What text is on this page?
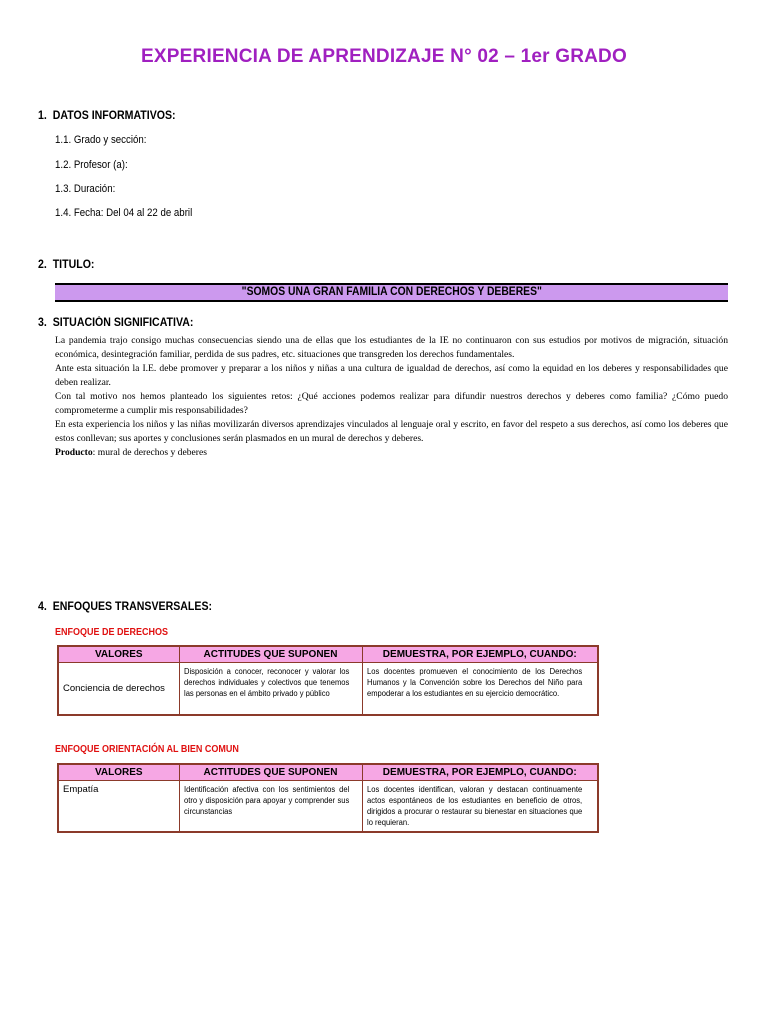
EXPERIENCIA DE APRENDIZAJE N° 02 – 1er GRADO
1. DATOS INFORMATIVOS:
1.1. Grado y sección:
1.2. Profesor (a):
1.3. Duración:
1.4. Fecha: Del 04 al 22 de abril
2. TITULO:
"SOMOS UNA GRAN FAMILIA CON DERECHOS Y DEBERES"
3. SITUACIÓN SIGNIFICATIVA:

La pandemia trajo consigo muchas consecuencias siendo una de ellas que los estudiantes de la IE no continuaron con sus estudios por motivos de migración, situación económica, desintegración familiar, perdida de sus padres, etc. situaciones que transgreden los derechos fundamentales.

Ante esta situación la I.E. debe promover y preparar a los niños y niñas a una cultura de igualdad de derechos, así como la equidad en los deberes y responsabilidades que deben realizar.

Con tal motivo nos hemos planteado los siguientes retos: ¿Qué acciones podemos realizar para difundir nuestros derechos y deberes como familia? ¿Cómo puedo comprometerme a cumplir mis responsabilidades?

En esta experiencia los niños y las niñas movilizarán diversos aprendizajes vinculados al lenguaje oral y escrito, en favor del respeto a sus derechos, así como los deberes que estos conllevan; sus aportes y conclusiones serán plasmados en un mural de derechos y deberes.

Producto: mural de derechos y deberes

4. ENFOQUES TRANSVERSALES:
ENFOQUE DE DERECHOS
VALORES	ACTITUDES QUE SUPONEN	DEMUESTRA, POR EJEMPLO, CUANDO:
Conciencia de derechos	Disposición a conocer, reconocer y valorar los derechos individuales y colectivos que tenemos las personas en el ámbito privado y público	Los docentes promueven el conocimiento de los Derechos Humanos y la Convención sobre los Derechos del Niño para empoderar a los estudiantes en su ejercicio democrático.
ENFOQUE ORIENTACIÓN AL BIEN COMUN
VALORES	ACTITUDES QUE SUPONEN	DEMUESTRA, POR EJEMPLO, CUANDO:
Empatía	Identificación afectiva con los sentimientos del otro y disposición para apoyar y comprender sus circunstancias	Los docentes identifican, valoran y destacan continuamente actos espontáneos de los estudiantes en beneficio de otros, dirigidos a procurar o restaurar su bienestar en situaciones que lo requieran.
